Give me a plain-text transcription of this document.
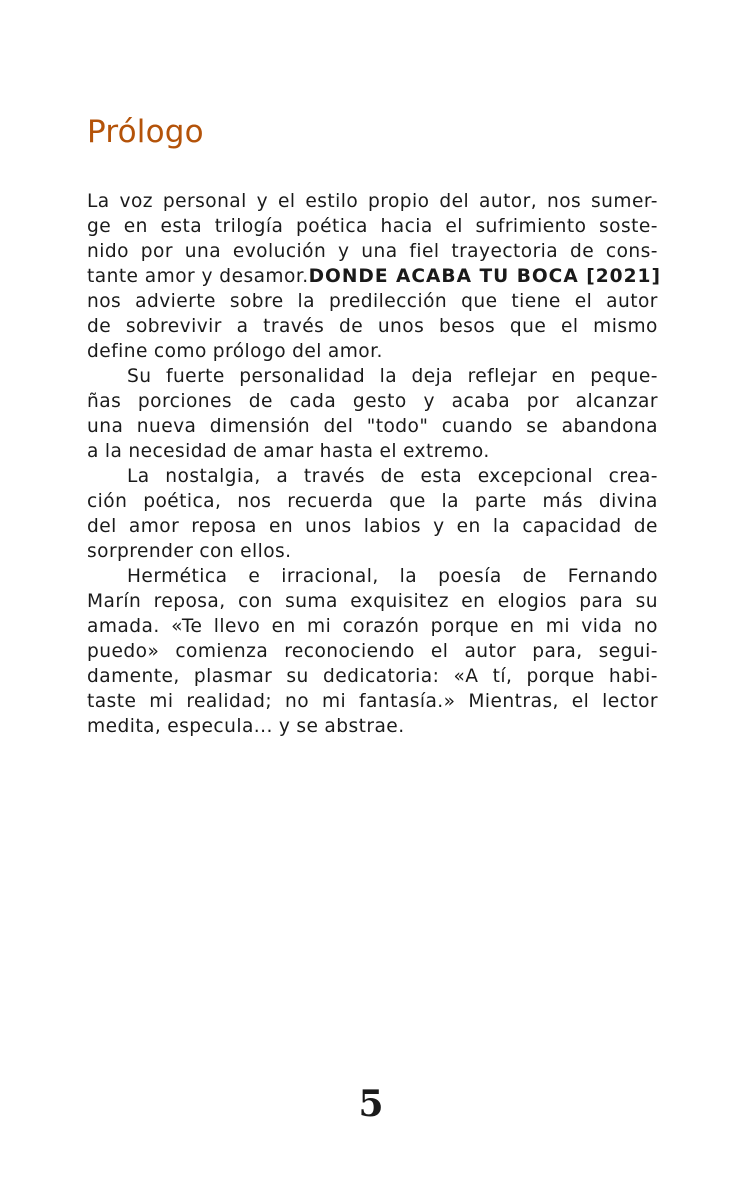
Prólogo
La voz personal y el estilo propio del autor, nos sumer-
ge en esta trilogía poética hacia el sufrimiento soste-
nido por una evolución y una fiel trayectoria de cons-
tante amor y desamor. DONDE ACABA TU BOCA [2021]
nos advierte sobre la predilección que tiene el autor
de sobrevivir a través de unos besos que el mismo
define como prólogo del amor.
Su fuerte personalidad la deja reflejar en peque-
ñas porciones de cada gesto y acaba por alcanzar
una nueva dimensión del "todo" cuando se abandona
a la necesidad de amar hasta el extremo.
La nostalgia, a través de esta excepcional crea-
ción poética, nos recuerda que la parte más divina
del amor reposa en unos labios y en la capacidad de
sorprender con ellos.
Hermética e irracional, la poesía de Fernando
Marín reposa, con suma exquisitez en elogios para su
amada. «Te llevo en mi corazón porque en mi vida no
puedo» comienza reconociendo el autor para, segui-
damente, plasmar su dedicatoria: «A tí, porque habi-
taste mi realidad; no mi fantasía.» Mientras, el lector
medita, especula... y se abstrae.
5
